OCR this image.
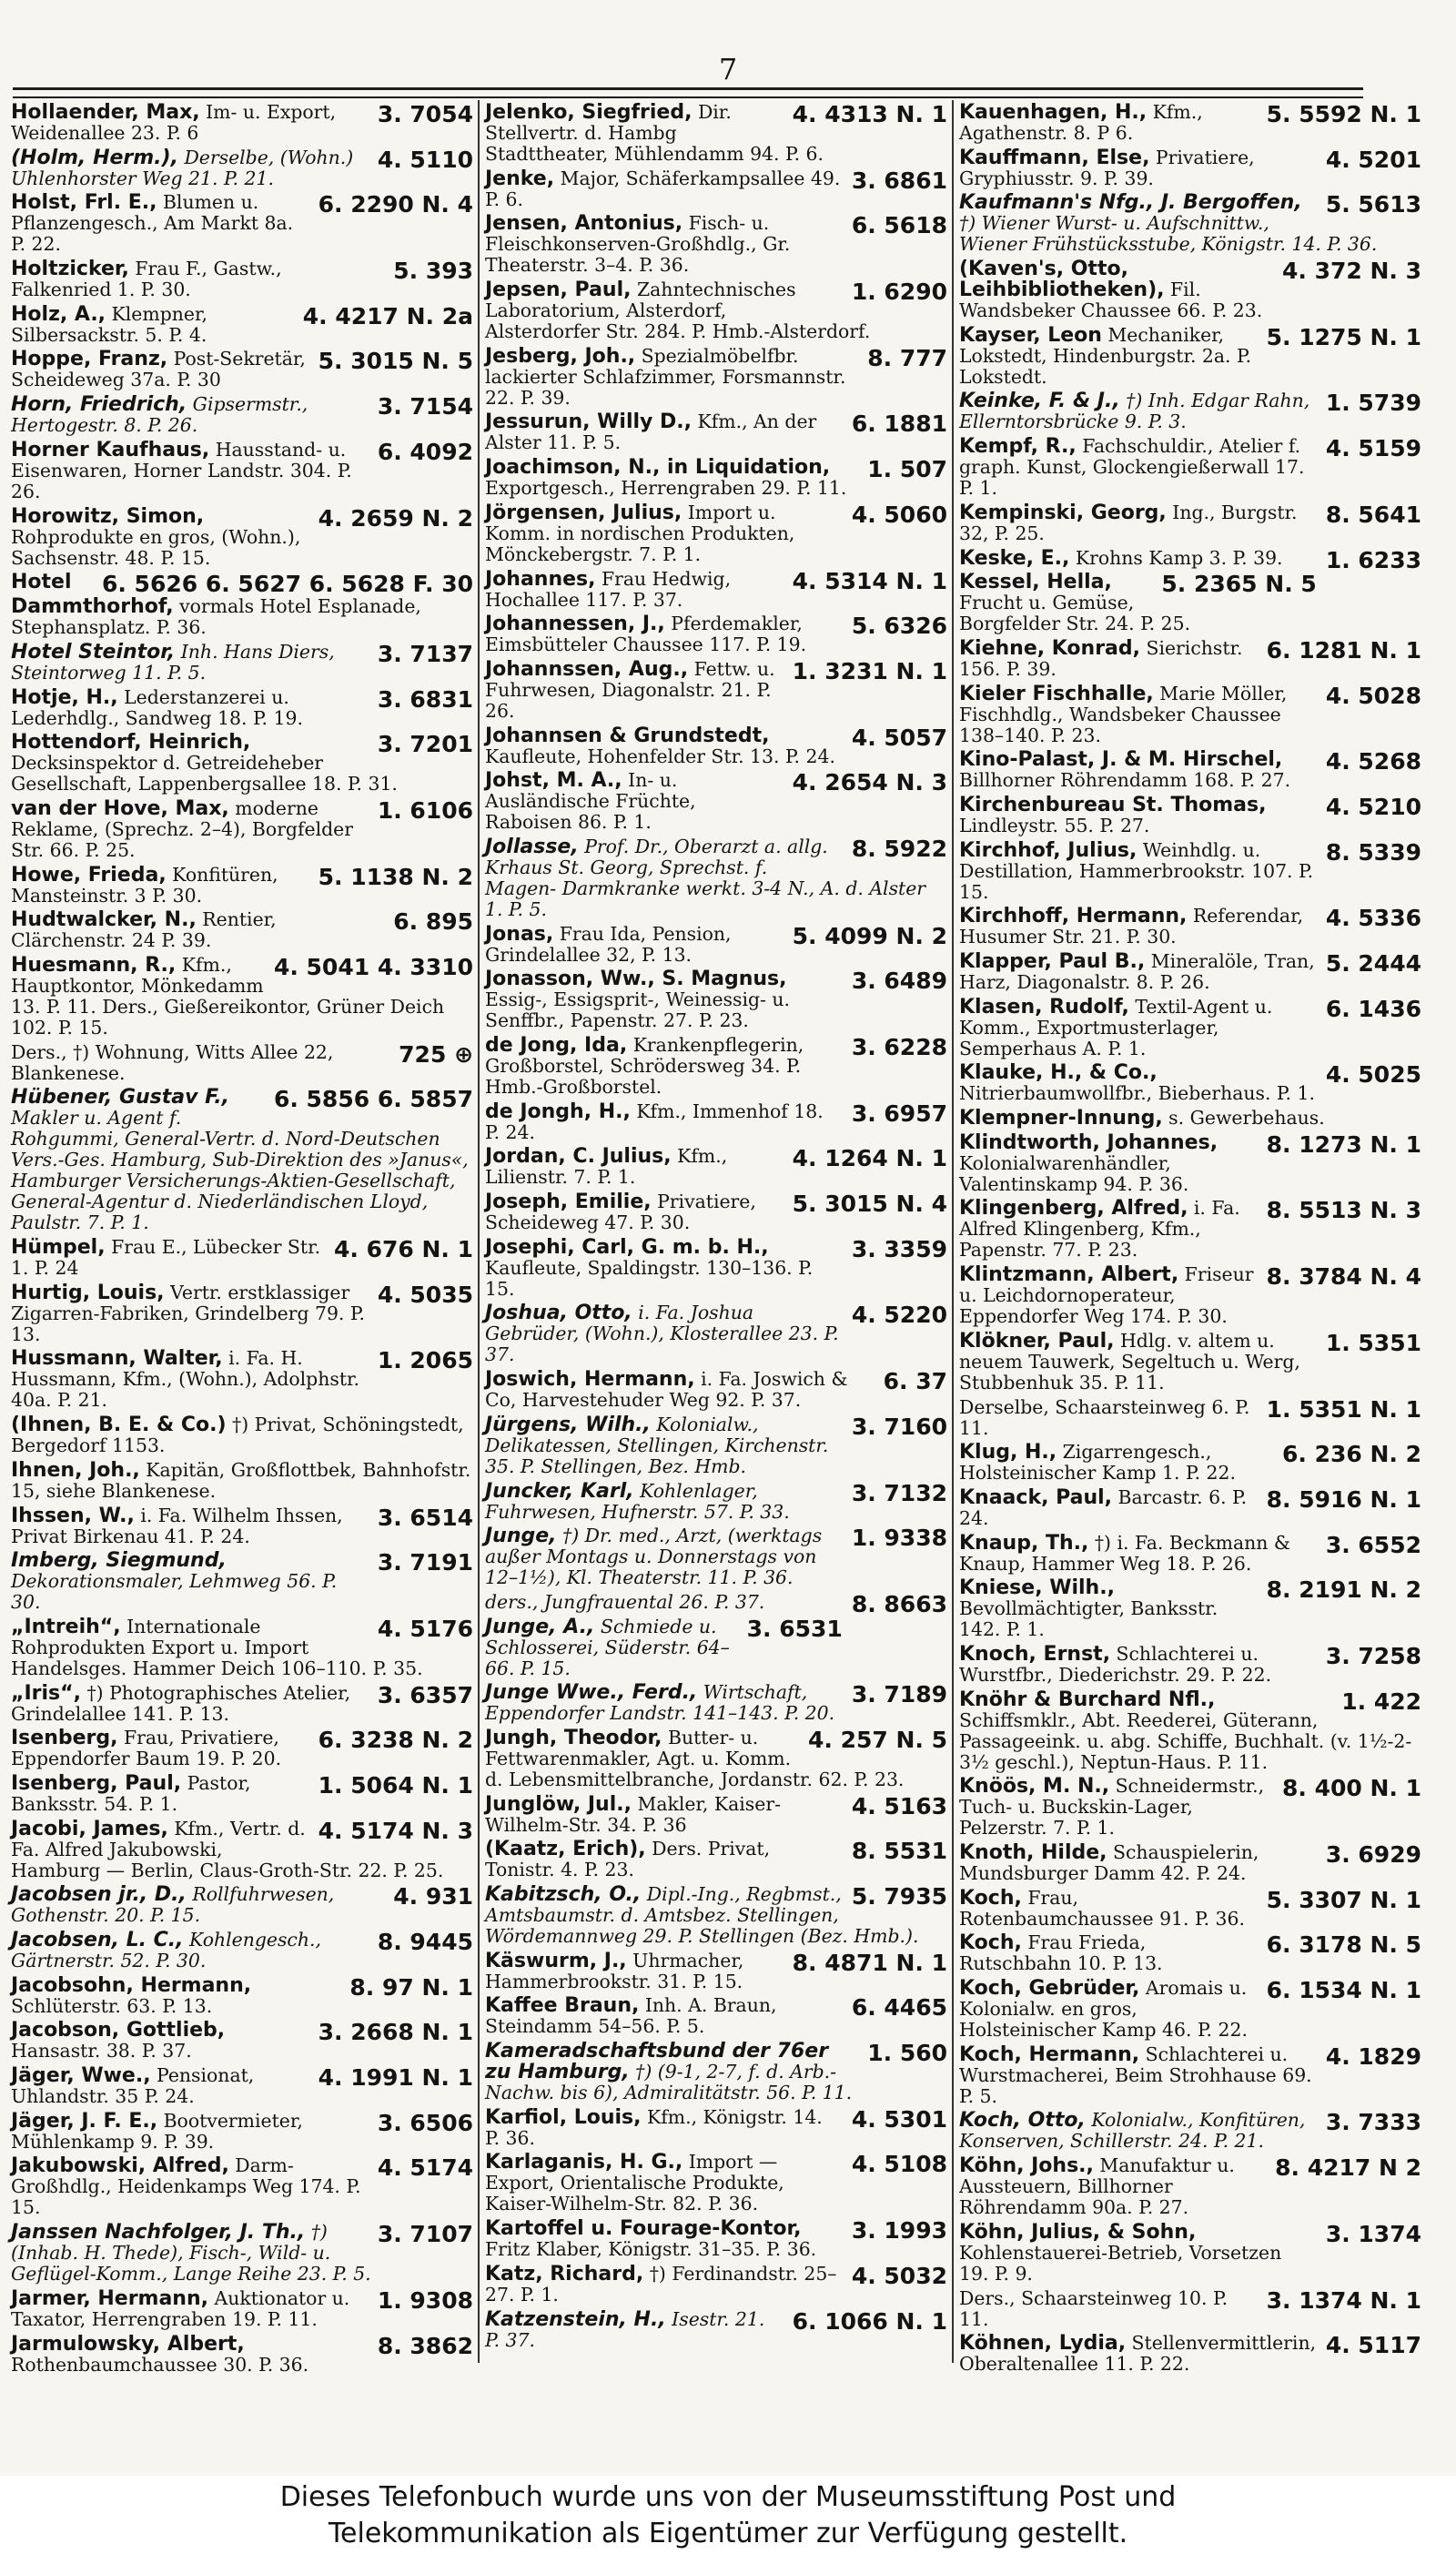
7
3. 7054
Hollaender, Max, Im- u. Export, Weidenallee 23. P. 6
4. 5110
(Holm, Herm.), Derselbe, (Wohn.) Uhlenhorster Weg 21. P. 21.
6. 2290 N. 4
Holst, Frl. E., Blumen u. Pflanzengesch., Am Markt 8a. P. 22.
5. 393
Holtzicker, Frau F., Gastw., Falkenried 1. P. 30.
4. 4217 N. 2a
Holz, A., Klempner, Silbersackstr. 5. P. 4.
5. 3015 N. 5
Hoppe, Franz, Post-Sekretär, Scheideweg 37a. P. 30
3. 7154
Horn, Friedrich, Gipsermstr., Hertogestr. 8. P. 26.
6. 4092
Horner Kaufhaus, Hausstand- u. Eisenwaren, Horner Landstr. 304. P. 26.
4. 2659 N. 2
Horowitz, Simon, Rohprodukte en gros, (Wohn.), Sachsenstr. 48. P. 15.
6. 5626 6. 5627 6. 5628 F. 30
Hotel Dammthorhof, vormals Hotel Esplanade, Stephansplatz. P. 36.
3. 7137
Hotel Steintor, Inh. Hans Diers, Steintorweg 11. P. 5.
3. 6831
Hotje, H., Lederstanzerei u. Lederhdlg., Sandweg 18. P. 19.
3. 7201
Hottendorf, Heinrich, Decksinspektor d. Getreideheber Gesellschaft, Lappenbergsallee 18. P. 31.
1. 6106
van der Hove, Max, moderne Reklame, (Sprechz. 2–4), Borgfelder Str. 66. P. 25.
5. 1138 N. 2
Howe, Frieda, Konfitüren, Mansteinstr. 3 P. 30.
6. 895
Hudtwalcker, N., Rentier, Clärchenstr. 24 P. 39.
4. 5041 4. 3310
Huesmann, R., Kfm., Hauptkontor, Mönkedamm 13. P. 11. Ders., Gießereikontor, Grüner Deich 102. P. 15.
725 ⊕
Ders., †) Wohnung, Witts Allee 22, Blankenese.
6. 5856 6. 5857
Hübener, Gustav F., Makler u. Agent f. Rohgummi, General-Vertr. d. Nord-Deutschen Vers.-Ges. Hamburg, Sub-Direktion des »Janus«, Hamburger Versicherungs-Aktien-Gesellschaft, General-Agentur d. Niederländischen Lloyd, Paulstr. 7. P. 1.
4. 676 N. 1
Hümpel, Frau E., Lübecker Str. 1. P. 24
4. 5035
Hurtig, Louis, Vertr. erstklassiger Zigarren-Fabriken, Grindelberg 79. P. 13.
1. 2065
Hussmann, Walter, i. Fa. H. Hussmann, Kfm., (Wohn.), Adolphstr. 40a. P. 21.
(Ihnen, B. E. & Co.) †) Privat, Schöningstedt, Bergedorf 1153.
Ihnen, Joh., Kapitän, Großflottbek, Bahnhofstr. 15, siehe Blankenese.
3. 6514
Ihssen, W., i. Fa. Wilhelm Ihssen, Privat Birkenau 41. P. 24.
3. 7191
Imberg, Siegmund, Dekorationsmaler, Lehmweg 56. P. 30.
4. 5176
„Intreih“, Internationale Rohprodukten Export u. Import Handelsges. Hammer Deich 106–110. P. 35.
3. 6357
„Iris“, †) Photographisches Atelier, Grindelallee 141. P. 13.
6. 3238 N. 2
Isenberg, Frau, Privatiere, Eppendorfer Baum 19. P. 20.
1. 5064 N. 1
Isenberg, Paul, Pastor, Banksstr. 54. P. 1.
4. 5174 N. 3
Jacobi, James, Kfm., Vertr. d. Fa. Alfred Jakubowski, Hamburg — Berlin, Claus-Groth-Str. 22. P. 25.
4. 931
Jacobsen jr., D., Rollfuhrwesen, Gothenstr. 20. P. 15.
8. 9445
Jacobsen, L. C., Kohlengesch., Gärtnerstr. 52. P. 30.
8. 97 N. 1
Jacobsohn, Hermann, Schlüterstr. 63. P. 13.
3. 2668 N. 1
Jacobson, Gottlieb, Hansastr. 38. P. 37.
4. 1991 N. 1
Jäger, Wwe., Pensionat, Uhlandstr. 35 P. 24.
3. 6506
Jäger, J. F. E., Bootvermieter, Mühlenkamp 9. P. 39.
4. 5174
Jakubowski, Alfred, Darm-Großhdlg., Heidenkamps Weg 174. P. 15.
3. 7107
Janssen Nachfolger, J. Th., †) (Inhab. H. Thede), Fisch-, Wild- u. Geflügel-Komm., Lange Reihe 23. P. 5.
1. 9308
Jarmer, Hermann, Auktionator u. Taxator, Herrengraben 19. P. 11.
8. 3862
Jarmulowsky, Albert, Rothenbaumchaussee 30. P. 36.
4. 4313 N. 1
Jelenko, Siegfried, Dir. Stellvertr. d. Hambg Stadttheater, Mühlendamm 94. P. 6.
3. 6861
Jenke, Major, Schäferkampsallee 49. P. 6.
6. 5618
Jensen, Antonius, Fisch- u. Fleischkonserven-Großhdlg., Gr. Theaterstr. 3–4. P. 36.
1. 6290
Jepsen, Paul, Zahntechnisches Laboratorium, Alsterdorf, Alsterdorfer Str. 284. P. Hmb.-Alsterdorf.
8. 777
Jesberg, Joh., Spezialmöbelfbr. lackierter Schlafzimmer, Forsmannstr. 22. P. 39.
6. 1881
Jessurun, Willy D., Kfm., An der Alster 11. P. 5.
1. 507
Joachimson, N., in Liquidation, Exportgesch., Herrengraben 29. P. 11.
4. 5060
Jörgensen, Julius, Import u. Komm. in nordischen Produkten, Mönckebergstr. 7. P. 1.
4. 5314 N. 1
Johannes, Frau Hedwig, Hochallee 117. P. 37.
5. 6326
Johannessen, J., Pferdemakler, Eimsbütteler Chaussee 117. P. 19.
1. 3231 N. 1
Johannssen, Aug., Fettw. u. Fuhrwesen, Diagonalstr. 21. P. 26.
4. 5057
Johannsen & Grundstedt, Kaufleute, Hohenfelder Str. 13. P. 24.
4. 2654 N. 3
Johst, M. A., In- u. Ausländische Früchte, Raboisen 86. P. 1.
8. 5922
Jollasse, Prof. Dr., Oberarzt a. allg. Krhaus St. Georg, Sprechst. f. Magen- Darmkranke werkt. 3-4 N., A. d. Alster 1. P. 5.
5. 4099 N. 2
Jonas, Frau Ida, Pension, Grindelallee 32, P. 13.
3. 6489
Jonasson, Ww., S. Magnus, Essig-, Essigsprit-, Weinessig- u. Senffbr., Papenstr. 27. P. 23.
3. 6228
de Jong, Ida, Krankenpflegerin, Großborstel, Schrödersweg 34. P. Hmb.-Großborstel.
3. 6957
de Jongh, H., Kfm., Immenhof 18. P. 24.
4. 1264 N. 1
Jordan, C. Julius, Kfm., Lilienstr. 7. P. 1.
5. 3015 N. 4
Joseph, Emilie, Privatiere, Scheideweg 47. P. 30.
3. 3359
Josephi, Carl, G. m. b. H., Kaufleute, Spaldingstr. 130–136. P. 15.
4. 5220
Joshua, Otto, i. Fa. Joshua Gebrüder, (Wohn.), Klosterallee 23. P. 37.
6. 37
Joswich, Hermann, i. Fa. Joswich & Co, Harvestehuder Weg 92. P. 37.
3. 7160
Jürgens, Wilh., Kolonialw., Delikatessen, Stellingen, Kirchenstr. 35. P. Stellingen, Bez. Hmb.
3. 7132
Juncker, Karl, Kohlenlager, Fuhrwesen, Hufnerstr. 57. P. 33.
1. 9338
Junge, †) Dr. med., Arzt, (werktags außer Montags u. Donnerstags von 12–1½), Kl. Theaterstr. 11. P. 36.
8. 8663
ders., Jungfrauental 26. P. 37.
3. 6531
Junge, A., Schmiede u. Schlosserei, Süderstr. 64–66. P. 15.
3. 7189
Junge Wwe., Ferd., Wirtschaft, Eppendorfer Landstr. 141–143. P. 20.
4. 257 N. 5
Jungh, Theodor, Butter- u. Fettwarenmakler, Agt. u. Komm. d. Lebensmittelbranche, Jordanstr. 62. P. 23.
4. 5163
Junglöw, Jul., Makler, Kaiser-Wilhelm-Str. 34. P. 36
8. 5531
(Kaatz, Erich), Ders. Privat, Tonistr. 4. P. 23.
5. 7935
Kabitzsch, O., Dipl.-Ing., Regbmst., Amtsbaumstr. d. Amtsbez. Stellingen, Wördemannweg 29. P. Stellingen (Bez. Hmb.).
8. 4871 N. 1
Käswurm, J., Uhrmacher, Hammerbrookstr. 31. P. 15.
6. 4465
Kaffee Braun, Inh. A. Braun, Steindamm 54–56. P. 5.
1. 560
Kameradschaftsbund der 76er zu Hamburg, †) (9-1, 2-7, f. d. Arb.-Nachw. bis 6), Admiralitätstr. 56. P. 11.
4. 5301
Karfiol, Louis, Kfm., Königstr. 14. P. 36.
4. 5108
Karlaganis, H. G., Import — Export, Orientalische Produkte, Kaiser-Wilhelm-Str. 82. P. 36.
3. 1993
Kartoffel u. Fourage-Kontor, Fritz Klaber, Königstr. 31–35. P. 36.
4. 5032
Katz, Richard, †) Ferdinandstr. 25–27. P. 1.
6. 1066 N. 1
Katzenstein, H., Isestr. 21. P. 37.
5. 5592 N. 1
Kauenhagen, H., Kfm., Agathenstr. 8. P 6.
4. 5201
Kauffmann, Else, Privatiere, Gryphiusstr. 9. P. 39.
5. 5613
Kaufmann's Nfg., J. Bergoffen, †) Wiener Wurst- u. Aufschnittw., Wiener Frühstücksstube, Königstr. 14. P. 36.
4. 372 N. 3
(Kaven's, Otto, Leihbibliotheken), Fil. Wandsbeker Chaussee 66. P. 23.
5. 1275 N. 1
Kayser, Leon Mechaniker, Lokstedt, Hindenburgstr. 2a. P. Lokstedt.
1. 5739
Keinke, F. & J., †) Inh. Edgar Rahn, Ellerntorsbrücke 9. P. 3.
4. 5159
Kempf, R., Fachschuldir., Atelier f. graph. Kunst, Glockengießerwall 17. P. 1.
8. 5641
Kempinski, Georg, Ing., Burgstr. 32, P. 25.
1. 6233
Keske, E., Krohns Kamp 3. P. 39.
5. 2365 N. 5
Kessel, Hella, Frucht u. Gemüse, Borgfelder Str. 24. P. 25.
6. 1281 N. 1
Kiehne, Konrad, Sierichstr. 156. P. 39.
4. 5028
Kieler Fischhalle, Marie Möller, Fischhdlg., Wandsbeker Chaussee 138–140. P. 23.
4. 5268
Kino-Palast, J. & M. Hirschel, Billhorner Röhrendamm 168. P. 27.
4. 5210
Kirchenbureau St. Thomas, Lindleystr. 55. P. 27.
8. 5339
Kirchhof, Julius, Weinhdlg. u. Destillation, Hammerbrookstr. 107. P. 15.
4. 5336
Kirchhoff, Hermann, Referendar, Husumer Str. 21. P. 30.
5. 2444
Klapper, Paul B., Mineralöle, Tran, Harz, Diagonalstr. 8. P. 26.
6. 1436
Klasen, Rudolf, Textil-Agent u. Komm., Exportmusterlager, Semperhaus A. P. 1.
4. 5025
Klauke, H., & Co., Nitrierbaumwollfbr., Bieberhaus. P. 1.
Klempner-Innung, s. Gewerbehaus.
8. 1273 N. 1
Klindtworth, Johannes, Kolonialwarenhändler, Valentinskamp 94. P. 36.
8. 5513 N. 3
Klingenberg, Alfred, i. Fa. Alfred Klingenberg, Kfm., Papenstr. 77. P. 23.
8. 3784 N. 4
Klintzmann, Albert, Friseur u. Leichdornoperateur, Eppendorfer Weg 174. P. 30.
1. 5351
Klökner, Paul, Hdlg. v. altem u. neuem Tauwerk, Segeltuch u. Werg, Stubbenhuk 35. P. 11.
1. 5351 N. 1
Derselbe, Schaarsteinweg 6. P. 11.
6. 236 N. 2
Klug, H., Zigarrengesch., Holsteinischer Kamp 1. P. 22.
8. 5916 N. 1
Knaack, Paul, Barcastr. 6. P. 24.
3. 6552
Knaup, Th., †) i. Fa. Beckmann & Knaup, Hammer Weg 18. P. 26.
8. 2191 N. 2
Kniese, Wilh., Bevollmächtigter, Banksstr. 142. P. 1.
3. 7258
Knoch, Ernst, Schlachterei u. Wurstfbr., Diederichstr. 29. P. 22.
1. 422
Knöhr & Burchard Nfl., Schiffsmklr., Abt. Reederei, Güterann, Passageeink. u. abg. Schiffe, Buchhalt. (v. 1½-2-3½ geschl.), Neptun-Haus. P. 11.
8. 400 N. 1
Knöös, M. N., Schneidermstr., Tuch- u. Buckskin-Lager, Pelzerstr. 7. P. 1.
3. 6929
Knoth, Hilde, Schauspielerin, Mundsburger Damm 42. P. 24.
5. 3307 N. 1
Koch, Frau, Rotenbaumchaussee 91. P. 36.
6. 3178 N. 5
Koch, Frau Frieda, Rutschbahn 10. P. 13.
6. 1534 N. 1
Koch, Gebrüder, Aromais u. Kolonialw. en gros, Holsteinischer Kamp 46. P. 22.
4. 1829
Koch, Hermann, Schlachterei u. Wurstmacherei, Beim Strohhause 69. P. 5.
3. 7333
Koch, Otto, Kolonialw., Konfitüren, Konserven, Schillerstr. 24. P. 21.
8. 4217 N 2
Köhn, Johs., Manufaktur u. Aussteuern, Billhorner Röhrendamm 90a. P. 27.
3. 1374
Köhn, Julius, & Sohn, Kohlenstauerei-Betrieb, Vorsetzen 19. P. 9.
3. 1374 N. 1
Ders., Schaarsteinweg 10. P. 11.
4. 5117
Köhnen, Lydia, Stellenvermittlerin, Oberaltenallee 11. P. 22.
Dieses Telefonbuch wurde uns von der Museumsstiftung Post und
Telekommunikation als Eigentümer zur Verfügung gestellt.
